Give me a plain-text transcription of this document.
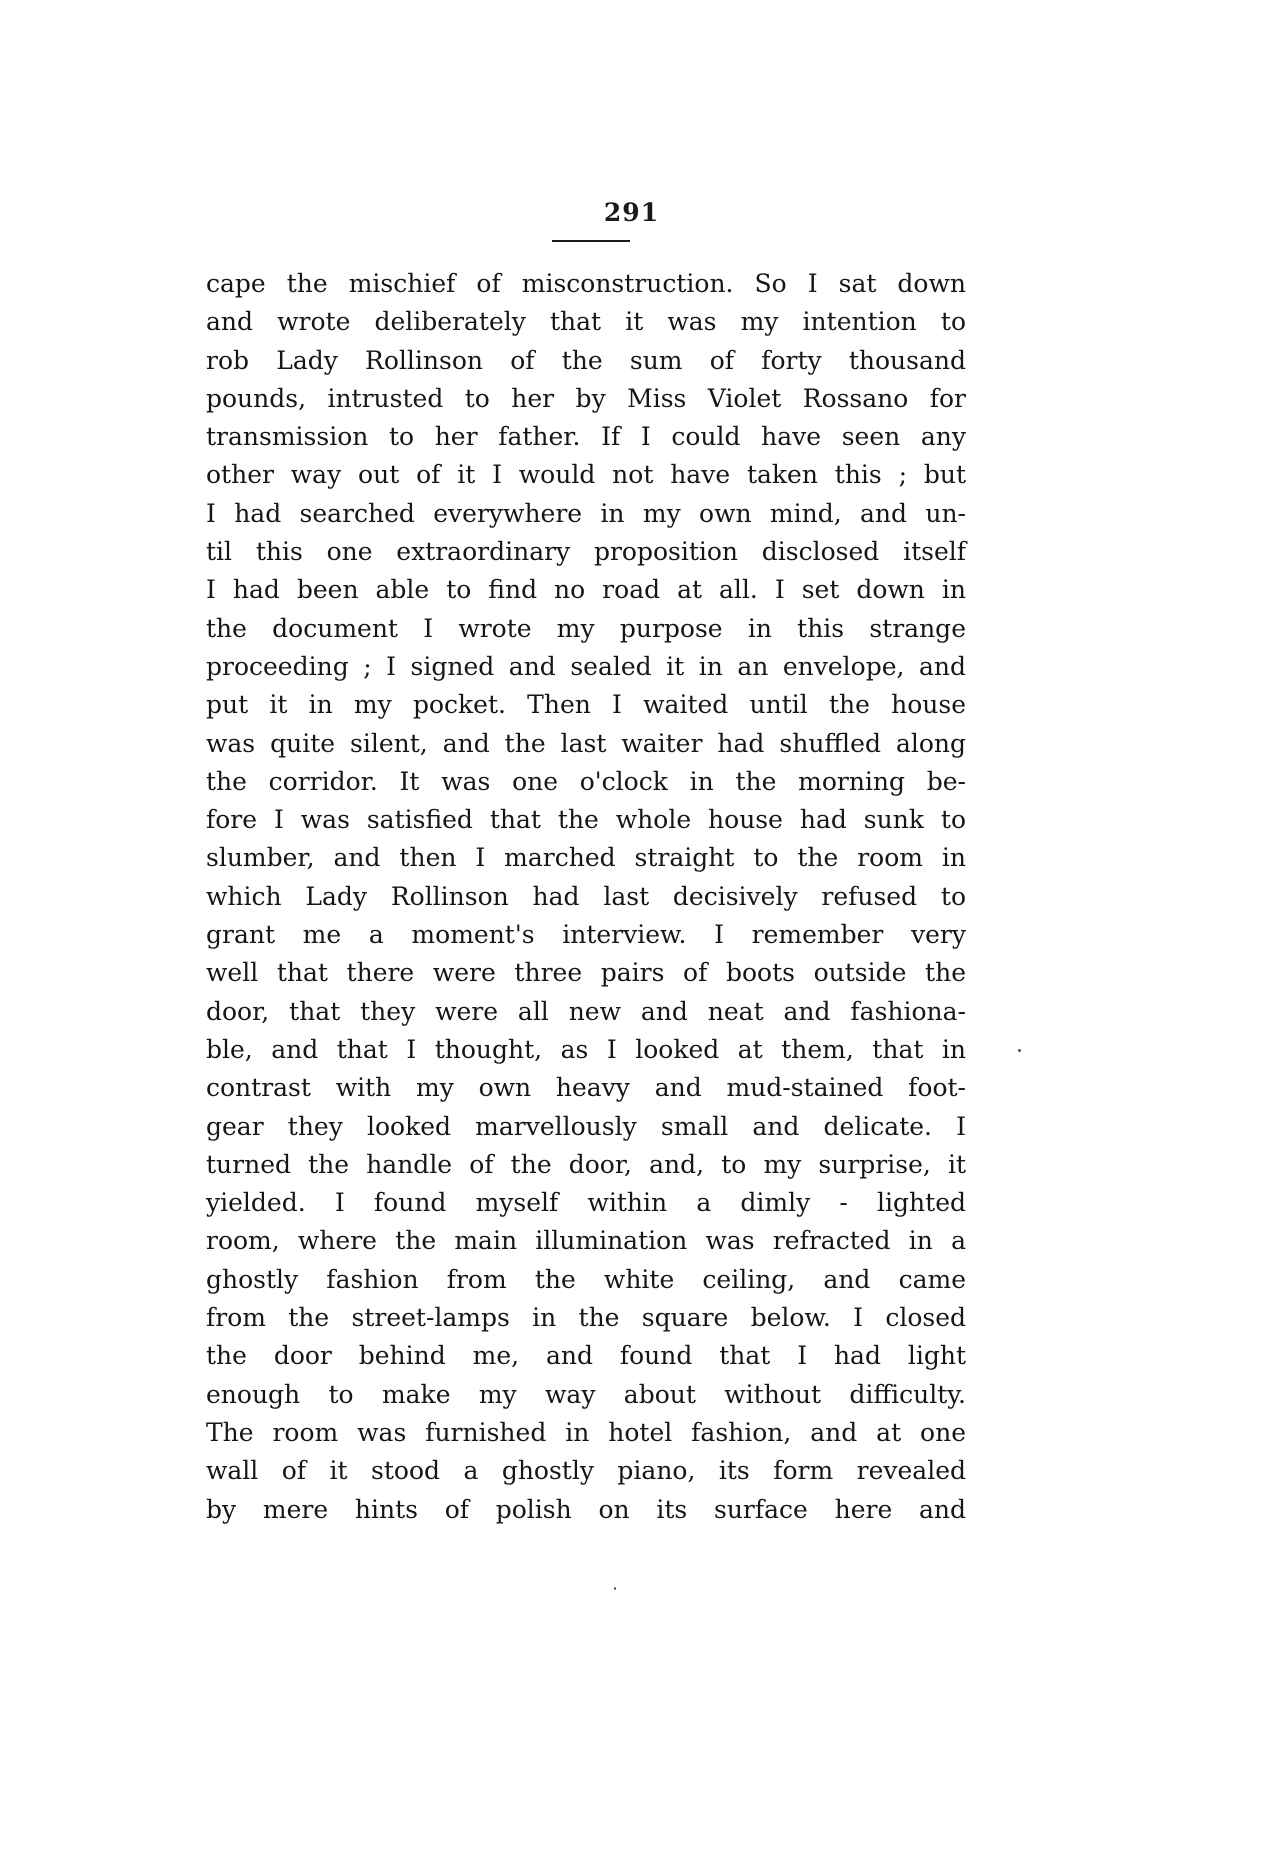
291
cape the mischief of misconstruction. So I sat down
and wrote deliberately that it was my intention to
rob Lady Rollinson of the sum of forty thousand
pounds, intrusted to her by Miss Violet Rossano for
transmission to her father. If I could have seen any
other way out of it I would not have taken this ; but
I had searched everywhere in my own mind, and un-
til this one extraordinary proposition disclosed itself
I had been able to find no road at all. I set down in
the document I wrote my purpose in this strange
proceeding ; I signed and sealed it in an envelope, and
put it in my pocket. Then I waited until the house
was quite silent, and the last waiter had shuffled along
the corridor. It was one o'clock in the morning be-
fore I was satisfied that the whole house had sunk to
slumber, and then I marched straight to the room in
which Lady Rollinson had last decisively refused to
grant me a moment's interview. I remember very
well that there were three pairs of boots outside the
door, that they were all new and neat and fashiona-
ble, and that I thought, as I looked at them, that in
contrast with my own heavy and mud-stained foot-
gear they looked marvellously small and delicate. I
turned the handle of the door, and, to my surprise, it
yielded. I found myself within a dimly - lighted
room, where the main illumination was refracted in a
ghostly fashion from the white ceiling, and came
from the street-lamps in the square below. I closed
the door behind me, and found that I had light
enough to make my way about without difficulty.
The room was furnished in hotel fashion, and at one
wall of it stood a ghostly piano, its form revealed
by mere hints of polish on its surface here and
